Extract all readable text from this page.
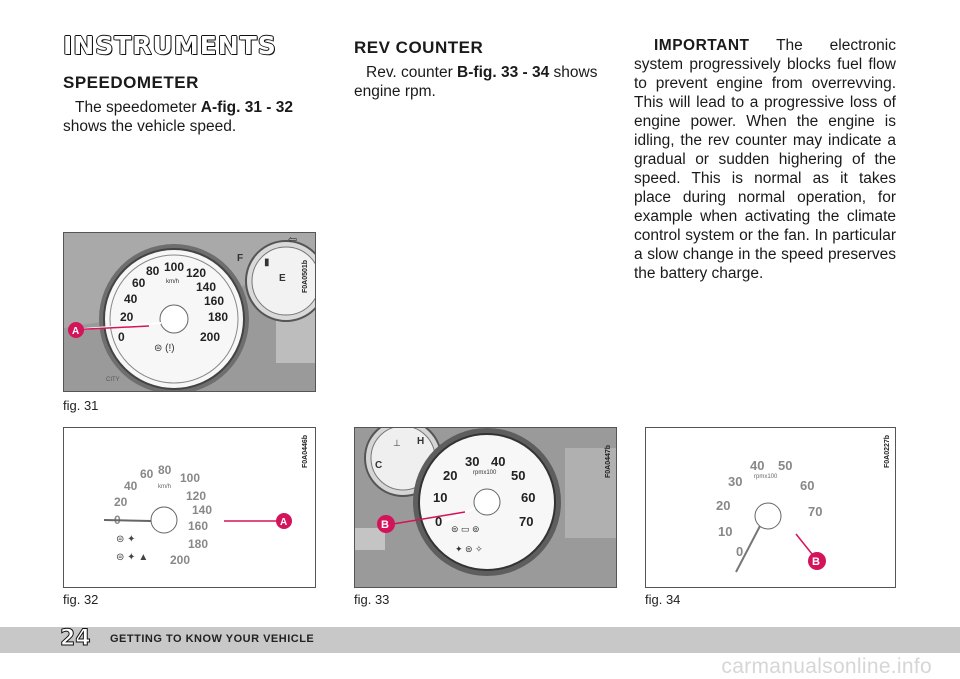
INSTRUMENTS
SPEEDOMETER
The speedometer A-fig. 31 - 32 shows the vehicle speed.
REV COUNTER
Rev. counter B-fig. 33 - 34 shows engine rpm.
IMPORTANT The electronic system progressively blocks fuel flow to prevent engine from overrevving. This will lead to a progressive loss of engine power. When the engine is idling, the rev counter may indicate a gradual or sudden highering of the speed. This is normal as it takes place during normal operation, for example when activating the climate control system or the fan. In particular a slow change in the speed preserves the battery charge.
F
E
▮
⇦
0
20
40
60
80 100 120
140
160
180
200
km/h
A
⊜ (!)
CITY
F0A0501b
fig. 31
20
40
60 80
100
120
140
160
180
200
km/h
A
⊜ ✦
⊜ ✦ ▲
F0A0446b
fig. 32
C
H
⊥
0
10
20
30 40
50
60
70
rpmx100
B	⊜ ▭ ⊚
✦ ⊜ ✧
F0A0447b
fig. 33
0
10
20
30
40 50
60
70
rpmx100
B
F0A0227b
fig. 34
24 GETTING TO KNOW YOUR VEHICLE
carmanualsonline.info
